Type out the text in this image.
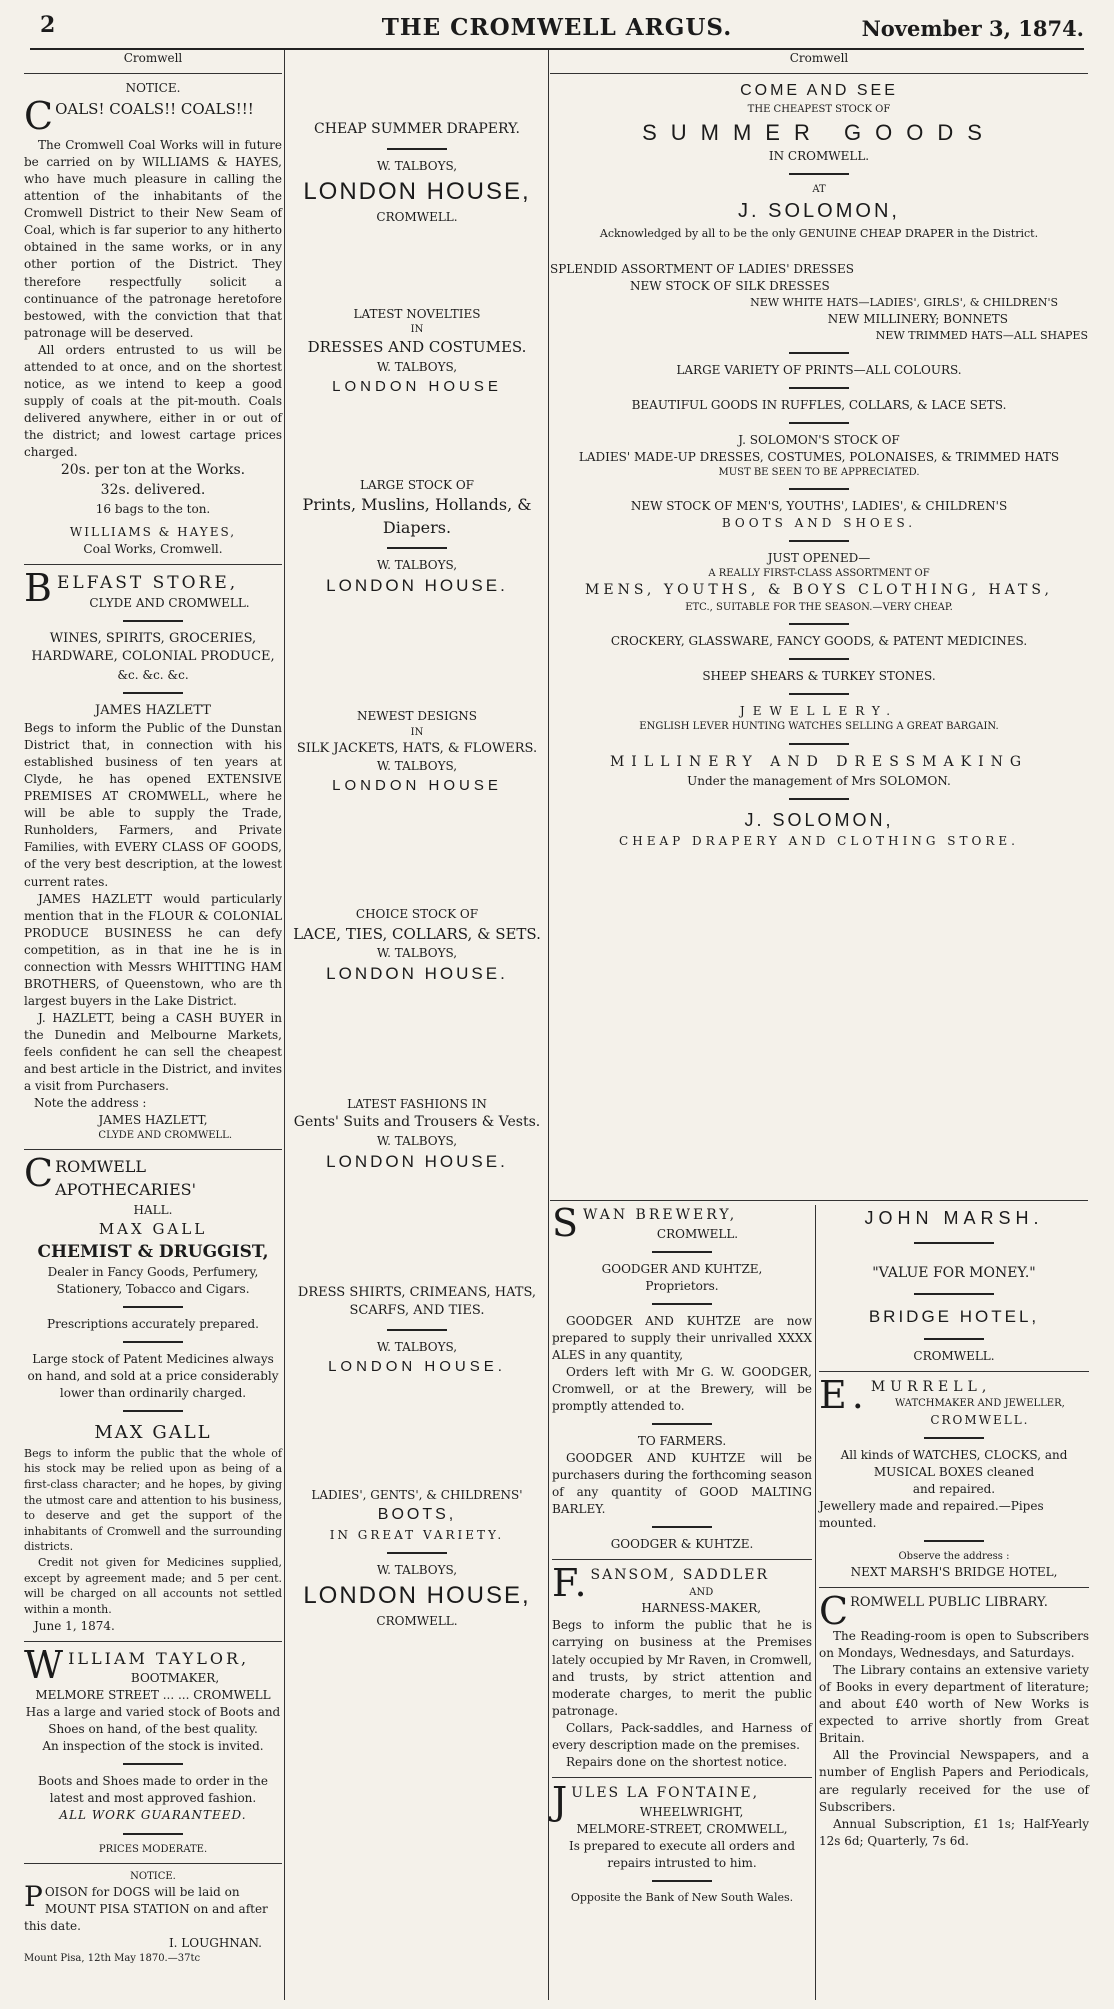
2	THE CROMWELL ARGUS.	November 3, 1874.
Cromwell
NOTICE.
COALS! COALS!! COALS!!!

The Cromwell Coal Works will in future be carried on by WILLIAMS & HAYES, who have much pleasure in calling the attention of the inhabitants of the Cromwell District to their New Seam of Coal, which is far superior to any hitherto obtained in the same works, or in any other portion of the District. They therefore respectfully solicit a continuance of the patronage heretofore bestowed, with the conviction that that patronage will be deserved.

All orders entrusted to us will be attended to at once, and on the shortest notice, as we intend to keep a good supply of coals at the pit-mouth. Coals delivered anywhere, either in or out of the district; and lowest cartage prices charged.

20s. per ton at the Works.
32s. delivered.
16 bags to the ton.
WILLIAMS & HAYES,
Coal Works, Cromwell.
BELFAST STORE,
CLYDE AND CROMWELL.
WINES, SPIRITS, GROCERIES, HARDWARE, COLONIAL PRODUCE,
&c. &c. &c.
JAMES HAZLETT

Begs to inform the Public of the Dunstan District that, in connection with his established business of ten years at Clyde, he has opened EXTENSIVE PREMISES AT CROMWELL, where he will be able to supply the Trade, Runholders, Farmers, and Private Families, with EVERY CLASS OF GOODS, of the very best description, at the lowest current rates.

JAMES HAZLETT would particularly mention that in the FLOUR & COLONIAL PRODUCE BUSINESS he can defy competition, as in that ine he is in connection with Messrs WHITTING HAM BROTHERS, of Queenstown, who are th largest buyers in the Lake District.

J. HAZLETT, being a CASH BUYER in the Dunedin and Melbourne Markets, feels confident he can sell the cheapest and best article in the District, and invites a visit from Purchasers.

Note the address :

JAMES HAZLETT,
CLYDE AND CROMWELL.
CROMWELL APOTHECARIES'
HALL.
MAX GALL
CHEMIST & DRUGGIST,
Dealer in Fancy Goods, Perfumery, Stationery, Tobacco and Cigars.
Prescriptions accurately prepared.
Large stock of Patent Medicines always on hand, and sold at a price considerably lower than ordinarily charged.
MAX GALL

Begs to inform the public that the whole of his stock may be relied upon as being of a first-class character; and he hopes, by giving the utmost care and attention to his business, to deserve and get the support of the inhabitants of Cromwell and the surrounding districts.

Credit not given for Medicines supplied, except by agreement made; and 5 per cent. will be charged on all accounts not settled within a month.

June 1, 1874.

WILLIAM TAYLOR,
BOOTMAKER,
MELMORE STREET ... ... CROMWELL
Has a large and varied stock of Boots and Shoes on hand, of the best quality.
An inspection of the stock is invited.
Boots and Shoes made to order in the latest and most approved fashion.
ALL WORK GUARANTEED.
PRICES MODERATE.
NOTICE.
POISON for DOGS will be laid on MOUNT PISA STATION on and after this date.
I. LOUGHNAN.
Mount Pisa, 12th May 1870.—37tc
CHEAP SUMMER DRAPERY.
W. TALBOYS,
LONDON HOUSE,
CROMWELL.
LATEST NOVELTIES
IN
DRESSES AND COSTUMES.
W. TALBOYS,
LONDON HOUSE
LARGE STOCK OF
Prints, Muslins, Hollands, & Diapers.
W. TALBOYS,
LONDON HOUSE.
NEWEST DESIGNS
IN
SILK JACKETS, HATS, & FLOWERS.
W. TALBOYS,
LONDON HOUSE
CHOICE STOCK OF
LACE, TIES, COLLARS, & SETS.
W. TALBOYS,
LONDON HOUSE.
LATEST FASHIONS IN
Gents' Suits and Trousers & Vests.
W. TALBOYS,
LONDON HOUSE.
DRESS SHIRTS, CRIMEANS, HATS, SCARFS, AND TIES.
W. TALBOYS,
LONDON HOUSE.
LADIES', GENTS', & CHILDRENS'
BOOTS,
IN GREAT VARIETY.
W. TALBOYS,
LONDON HOUSE,
CROMWELL.
Cromwell
COME AND SEE
THE CHEAPEST STOCK OF
SUMMER GOODS
IN CROMWELL.
AT
J. SOLOMON,
Acknowledged by all to be the only GENUINE CHEAP DRAPER in the District.
SPLENDID ASSORTMENT OF LADIES' DRESSES
NEW STOCK OF SILK DRESSES
NEW WHITE HATS—LADIES', GIRLS', & CHILDREN'S
NEW MILLINERY; BONNETS
NEW TRIMMED HATS—ALL SHAPES
LARGE VARIETY OF PRINTS—ALL COLOURS.
BEAUTIFUL GOODS IN RUFFLES, COLLARS, & LACE SETS.
J. SOLOMON'S STOCK OF
LADIES' MADE-UP DRESSES, COSTUMES, POLONAISES, & TRIMMED HATS
MUST BE SEEN TO BE APPRECIATED.
NEW STOCK OF MEN'S, YOUTHS', LADIES', & CHILDREN'S
BOOTS AND SHOES.
JUST OPENED—
A REALLY FIRST-CLASS ASSORTMENT OF
MENS, YOUTHS, & BOYS CLOTHING, HATS,
ETC., SUITABLE FOR THE SEASON.—VERY CHEAP.
CROCKERY, GLASSWARE, FANCY GOODS, & PATENT MEDICINES.
SHEEP SHEARS & TURKEY STONES.
JEWELLERY.
ENGLISH LEVER HUNTING WATCHES SELLING A GREAT BARGAIN.
MILLINERY AND DRESSMAKING
Under the management of Mrs SOLOMON.
J. SOLOMON,
CHEAP DRAPERY AND CLOTHING STORE.
SWAN BREWERY,
CROMWELL.
GOODGER AND KUHTZE,
Proprietors.

GOODGER AND KUHTZE are now prepared to supply their unrivalled XXXX ALES in any quantity,

Orders left with Mr G. W. GOODGER, Cromwell, or at the Brewery, will be promptly attended to.

TO FARMERS.

GOODGER AND KUHTZE will be purchasers during the forthcoming season of any quantity of GOOD MALTING BARLEY.

GOODGER & KUHTZE.
F. SANSOM, SADDLER
AND
HARNESS-MAKER,

Begs to inform the public that he is carrying on business at the Premises lately occupied by Mr Raven, in Cromwell, and trusts, by strict attention and moderate charges, to merit the public patronage.

Collars, Pack-saddles, and Harness of every description made on the premises.

Repairs done on the shortest notice.

JULES LA FONTAINE,
WHEELWRIGHT,
MELMORE-STREET, CROMWELL,
Is prepared to execute all orders and repairs intrusted to him.
Opposite the Bank of New South Wales.
JOHN MARSH.
"VALUE FOR MONEY."
BRIDGE HOTEL,
CROMWELL.
E. MURRELL,
WATCHMAKER AND JEWELLER,
CROMWELL.
All kinds of WATCHES, CLOCKS, and MUSICAL BOXES cleaned
and repaired.
Jewellery made and repaired.—Pipes mounted.
Observe the address :
NEXT MARSH'S BRIDGE HOTEL,
CROMWELL PUBLIC LIBRARY.

The Reading-room is open to Subscribers on Mondays, Wednesdays, and Saturdays.

The Library contains an extensive variety of Books in every department of literature; and about £40 worth of New Works is expected to arrive shortly from Great Britain.

All the Provincial Newspapers, and a number of English Papers and Periodicals, are regularly received for the use of Subscribers.

Annual Subscription, £1 1s; Half-Yearly 12s 6d; Quarterly, 7s 6d.
